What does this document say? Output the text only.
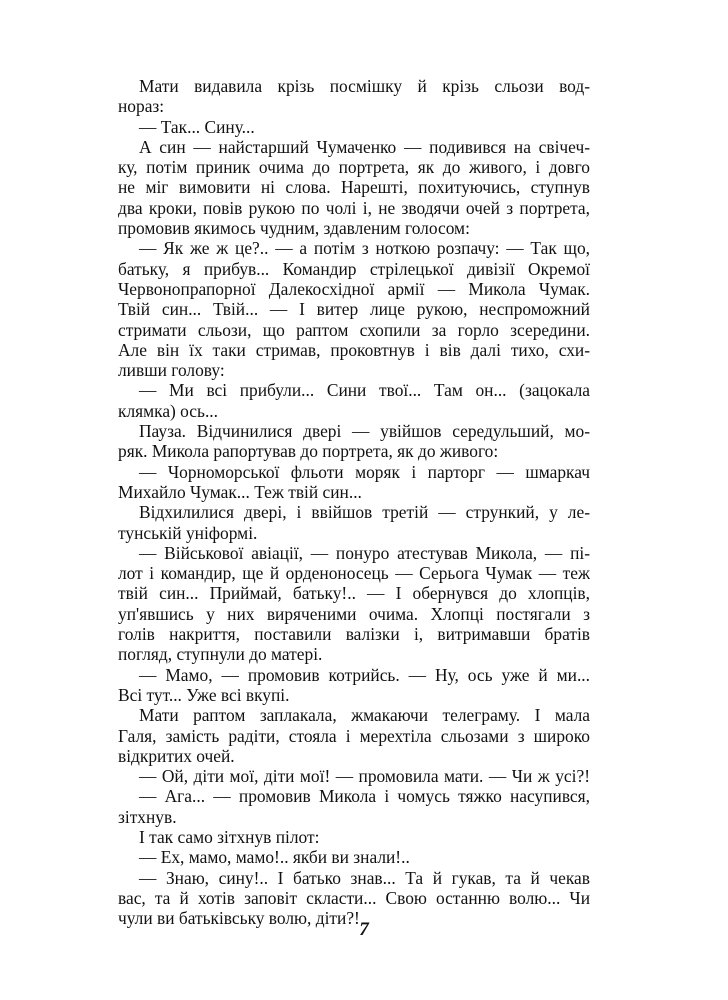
Мати видавила крізь посмішку й крізь сльози вод-
нораз:
— Так... Сину...
А син — найстарший Чумаченко — подивився на свічеч-
ку, потім приник очима до портрета, як до живого, і довго
не міг вимовити ні слова. Нарешті, похитуючись, ступнув
два кроки, повів рукою по чолі і, не зводячи очей з портрета,
промовив якимось чудним, здавленим голосом:
— Як же ж це?.. — а потім з ноткою розпачу: — Так що,
батьку, я прибув... Командир стрілецької дивізії Окремої
Червонопрапорної Далекосхідної армії — Микола Чумак.
Твій син... Твій... — І витер лице рукою, неспроможний
стримати сльози, що раптом схопили за горло зсередини.
Але він їх таки стримав, проковтнув і вів далі тихо, схи-
ливши голову:
— Ми всі прибули... Сини твої... Там он... (зацокала
клямка) ось...
Пауза. Відчинилися двері — увійшов середульший, мо-
ряк. Микола рапортував до портрета, як до живого:
— Чорноморської фльоти моряк і парторг — шмаркач
Михайло Чумак... Теж твій син...
Відхилилися двері, і ввійшов третій — стрункий, у ле-
тунській уніформі.
— Військової авіації, — понуро атестував Микола, — пі-
лот і командир, ще й орденоносець — Серьога Чумак — теж
твій син... Приймай, батьку!.. — І обернувся до хлопців,
уп'явшись у них виряченими очима. Хлопці постягали з
голів накриття, поставили валізки і, витримавши братів
погляд, ступнули до матері.
— Мамо, — промовив котрийсь. — Ну, ось уже й ми...
Всі тут... Уже всі вкупі.
Мати раптом заплакала, жмакаючи телеграму. І мала
Галя, замість радіти, стояла і мерехтіла сльозами з широко
відкритих очей.
— Ой, діти мої, діти мої! — промовила мати. — Чи ж усі?!
— Ага... — промовив Микола і чомусь тяжко насупився,
зітхнув.
І так само зітхнув пілот:
— Ех, мамо, мамо!.. якби ви знали!..
— Знаю, сину!.. І батько знав... Та й гукав, та й чекав
вас, та й хотів заповіт скласти... Свою останню волю... Чи
чули ви батьківську волю, діти?!
7
